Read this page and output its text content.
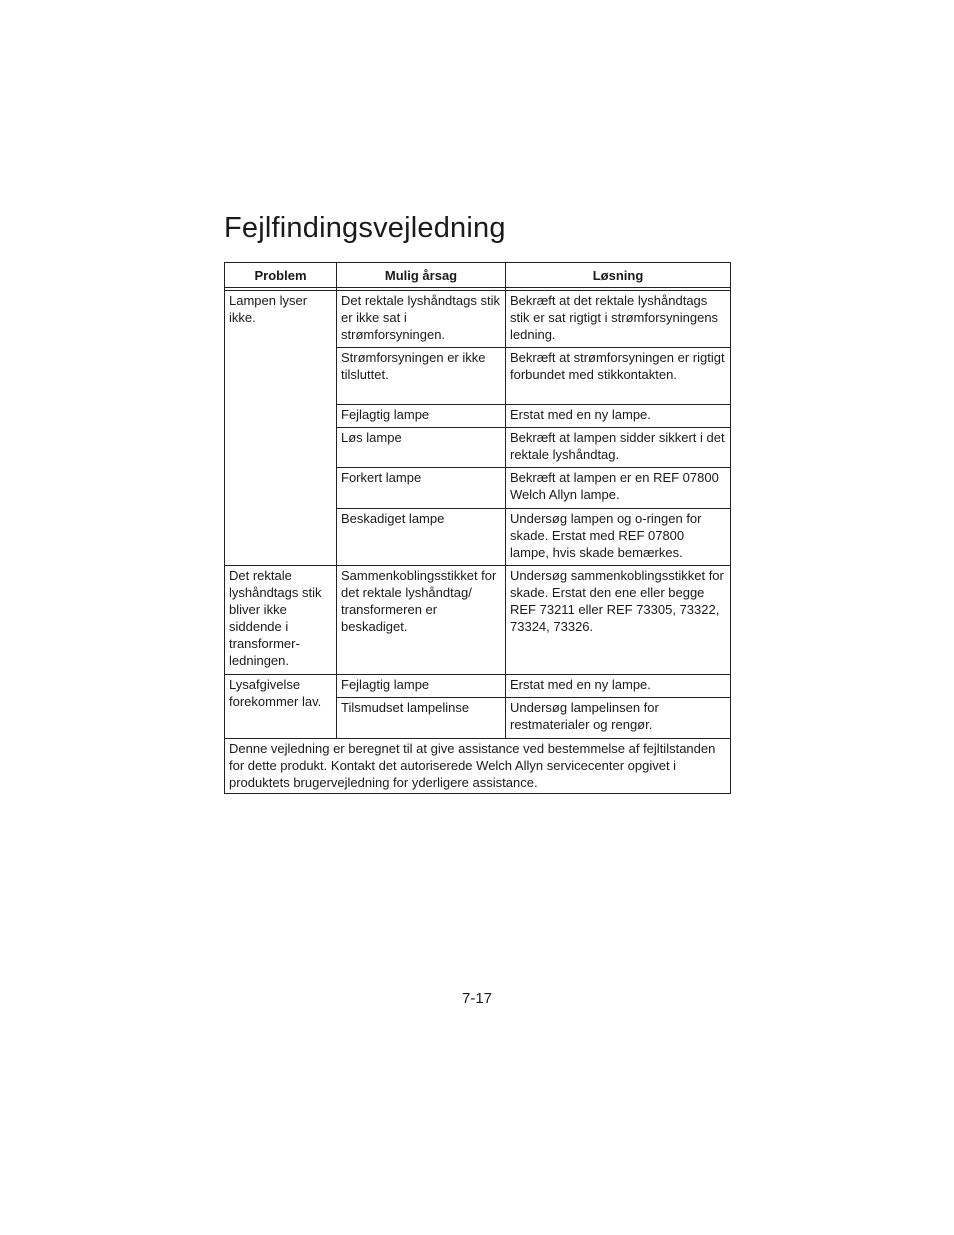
Fejlfindingsvejledning
Problem	Mulig årsag	Løsning

Lampen lyser ikke.	Det rektale lyshåndtags stik er ikke sat i strømforsyningen.	Bekræft at det rektale lyshåndtags stik er sat rigtigt i strømforsyningens ledning.
	Strømforsyningen er ikke tilsluttet.	Bekræft at strømforsyningen er rigtigt forbundet med stikkontakten.
	Fejlagtig lampe	Erstat med en ny lampe.
	Løs lampe	Bekræft at lampen sidder sikkert i det rektale lyshåndtag.
	Forkert lampe	Bekræft at lampen er en REF 07800 Welch Allyn lampe.
	Beskadiget lampe	Undersøg lampen og o-ringen for skade. Erstat med REF 07800 lampe, hvis skade bemærkes.
Det rektale lyshåndtags stik bliver ikke siddende i transformer-ledningen.	Sammenkoblingsstikket for det rektale lyshåndtag/ transformeren er beskadiget.	Undersøg sammenkoblingsstikket for skade. Erstat den ene eller begge REF 73211 eller REF 73305, 73322, 73324, 73326.
Lysafgivelse forekommer lav.	Fejlagtig lampe	Erstat med en ny lampe.
	Tilsmudset lampelinse	Undersøg lampelinsen for restmaterialer og rengør.
Denne vejledning er beregnet til at give assistance ved bestemmelse af fejltilstanden for dette produkt. Kontakt det autoriserede Welch Allyn servicecenter opgivet i produktets brugervejledning for yderligere assistance.		
7-17
